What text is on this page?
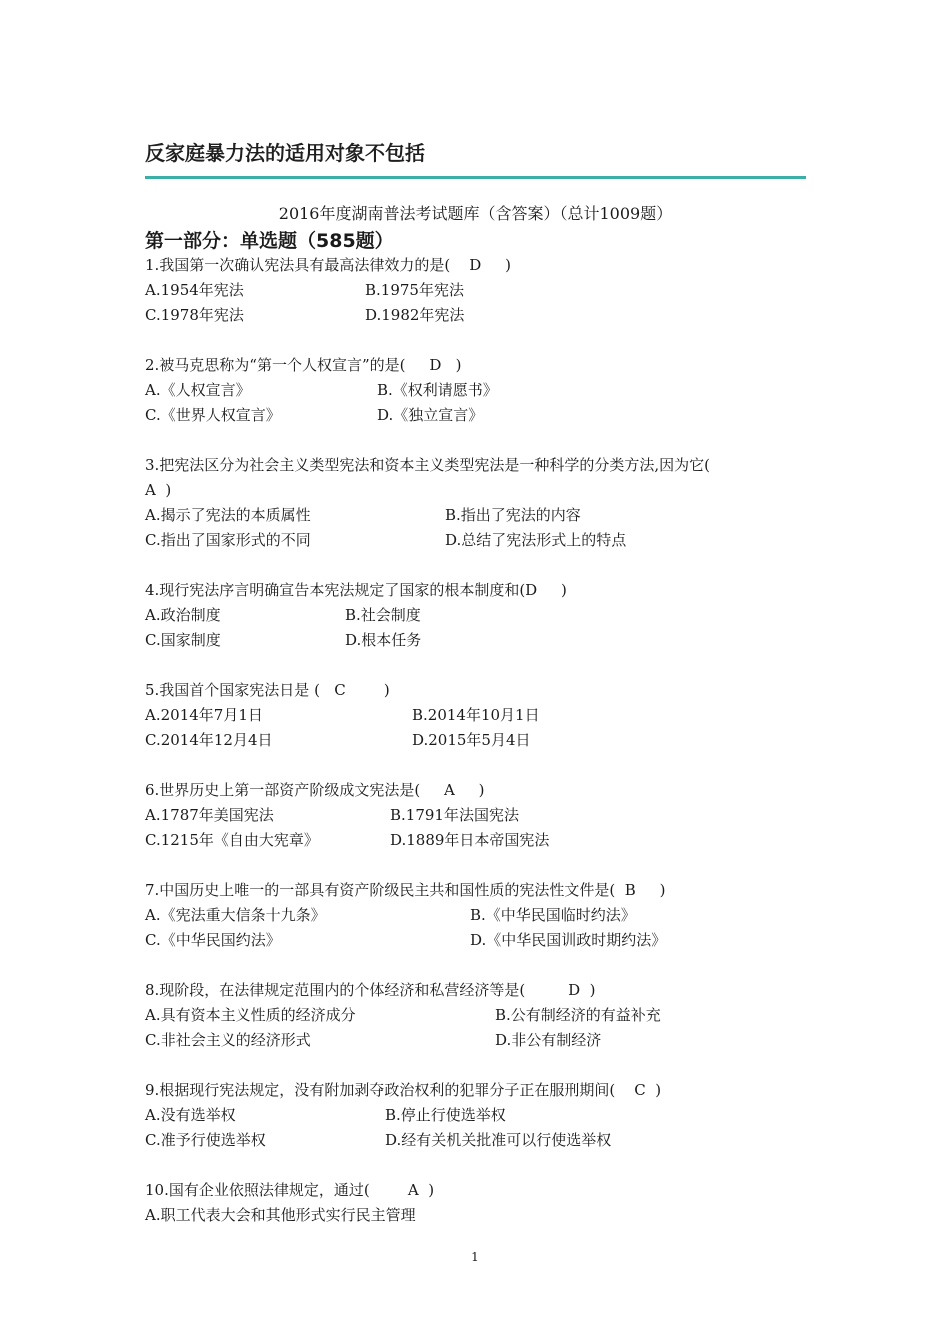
反家庭暴力法的适用对象不包括
2016年度湖南普法考试题库（含答案）（总计1009题）
第一部分：单选题（585题）
1.我国第一次确认宪法具有最高法律效力的是(    D     )
A.1954年宪法	B.1975年宪法
C.1978年宪法	D.1982年宪法
2.被马克思称为“第一个人权宣言”的是(     D   )
A.《人权宣言》	B.《权利请愿书》
C.《世界人权宣言》	D.《独立宣言》
3.把宪法区分为社会主义类型宪法和资本主义类型宪法是一种科学的分类方法,因为它(
A  )
A.揭示了宪法的本质属性	B.指出了宪法的内容
C.指出了国家形式的不同	D.总结了宪法形式上的特点
4.现行宪法序言明确宣告本宪法规定了国家的根本制度和(D     )
A.政治制度	B.社会制度
C.国家制度	D.根本任务
5.我国首个国家宪法日是 (   C        )
A.2014年7月1日	B.2014年10月1日
C.2014年12月4日	D.2015年5月4日
6.世界历史上第一部资产阶级成文宪法是(     A     )
A.1787年美国宪法	B.1791年法国宪法
C.1215年《自由大宪章》	D.1889年日本帝国宪法
7.中国历史上唯一的一部具有资产阶级民主共和国性质的宪法性文件是(  B     )
A.《宪法重大信条十九条》	B.《中华民国临时约法》
C.《中华民国约法》	D.《中华民国训政时期约法》
8.现阶段，在法律规定范围内的个体经济和私营经济等是(         D  )
A.具有资本主义性质的经济成分	B.公有制经济的有益补充
C.非社会主义的经济形式	D.非公有制经济
9.根据现行宪法规定，没有附加剥夺政治权利的犯罪分子正在服刑期间(    C  )
A.没有选举权	B.停止行使选举权
C.准予行使选举权	D.经有关机关批准可以行使选举权
10.国有企业依照法律规定，通过(        A  )
A.职工代表大会和其他形式实行民主管理
1
